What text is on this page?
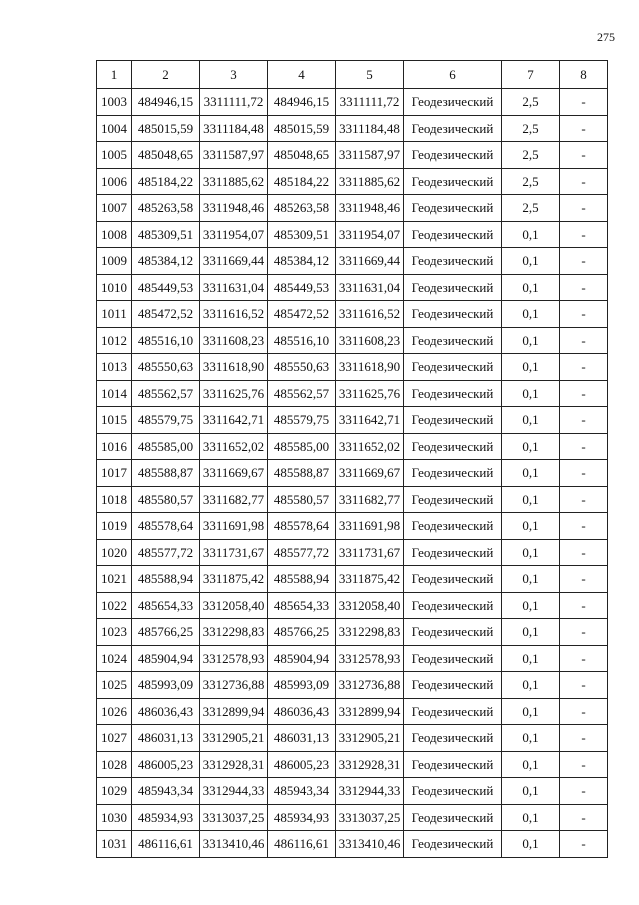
275
1	2	3	4	5	6	7	8
1003	484946,15	3311111,72	484946,15	3311111,72	Геодезический	2,5	-
1004	485015,59	3311184,48	485015,59	3311184,48	Геодезический	2,5	-
1005	485048,65	3311587,97	485048,65	3311587,97	Геодезический	2,5	-
1006	485184,22	3311885,62	485184,22	3311885,62	Геодезический	2,5	-
1007	485263,58	3311948,46	485263,58	3311948,46	Геодезический	2,5	-
1008	485309,51	3311954,07	485309,51	3311954,07	Геодезический	0,1	-
1009	485384,12	3311669,44	485384,12	3311669,44	Геодезический	0,1	-
1010	485449,53	3311631,04	485449,53	3311631,04	Геодезический	0,1	-
1011	485472,52	3311616,52	485472,52	3311616,52	Геодезический	0,1	-
1012	485516,10	3311608,23	485516,10	3311608,23	Геодезический	0,1	-
1013	485550,63	3311618,90	485550,63	3311618,90	Геодезический	0,1	-
1014	485562,57	3311625,76	485562,57	3311625,76	Геодезический	0,1	-
1015	485579,75	3311642,71	485579,75	3311642,71	Геодезический	0,1	-
1016	485585,00	3311652,02	485585,00	3311652,02	Геодезический	0,1	-
1017	485588,87	3311669,67	485588,87	3311669,67	Геодезический	0,1	-
1018	485580,57	3311682,77	485580,57	3311682,77	Геодезический	0,1	-
1019	485578,64	3311691,98	485578,64	3311691,98	Геодезический	0,1	-
1020	485577,72	3311731,67	485577,72	3311731,67	Геодезический	0,1	-
1021	485588,94	3311875,42	485588,94	3311875,42	Геодезический	0,1	-
1022	485654,33	3312058,40	485654,33	3312058,40	Геодезический	0,1	-
1023	485766,25	3312298,83	485766,25	3312298,83	Геодезический	0,1	-
1024	485904,94	3312578,93	485904,94	3312578,93	Геодезический	0,1	-
1025	485993,09	3312736,88	485993,09	3312736,88	Геодезический	0,1	-
1026	486036,43	3312899,94	486036,43	3312899,94	Геодезический	0,1	-
1027	486031,13	3312905,21	486031,13	3312905,21	Геодезический	0,1	-
1028	486005,23	3312928,31	486005,23	3312928,31	Геодезический	0,1	-
1029	485943,34	3312944,33	485943,34	3312944,33	Геодезический	0,1	-
1030	485934,93	3313037,25	485934,93	3313037,25	Геодезический	0,1	-
1031	486116,61	3313410,46	486116,61	3313410,46	Геодезический	0,1	-
